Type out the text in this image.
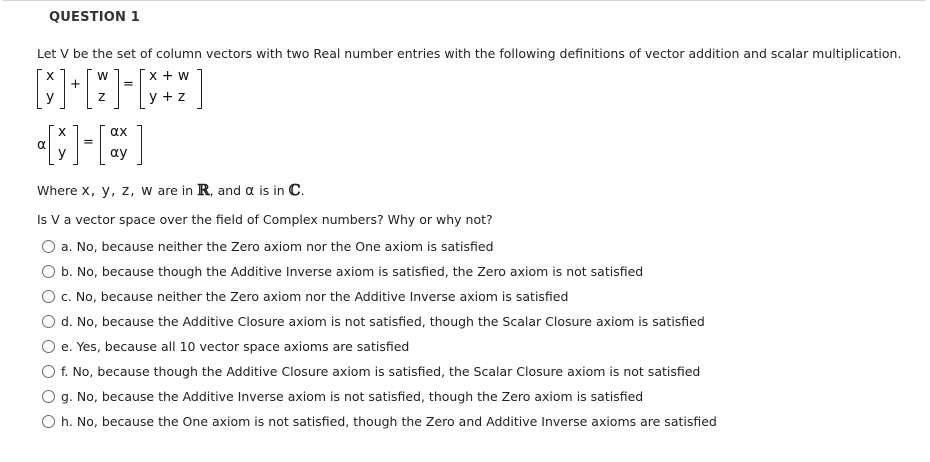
QUESTION 1
Let V be the set of column vectors with two Real number entries with the following definitions of vector addition and scalar multiplication.
x
y
+
w
z
=
x + w
y + z
α
x
y
=
αx
αy
Where x, y, z, w are in ℝ, and α is in ℂ.
Is V a vector space over the field of Complex numbers? Why or why not?
a. No, because neither the Zero axiom nor the One axiom is satisfied
b. No, because though the Additive Inverse axiom is satisfied, the Zero axiom is not satisfied
c. No, because neither the Zero axiom nor the Additive Inverse axiom is satisfied
d. No, because the Additive Closure axiom is not satisfied, though the Scalar Closure axiom is satisfied
e. Yes, because all 10 vector space axioms are satisfied
f. No, because though the Additive Closure axiom is satisfied, the Scalar Closure axiom is not satisfied
g. No, because the Additive Inverse axiom is not satisfied, though the Zero axiom is satisfied
h. No, because the One axiom is not satisfied, though the Zero and Additive Inverse axioms are satisfied
